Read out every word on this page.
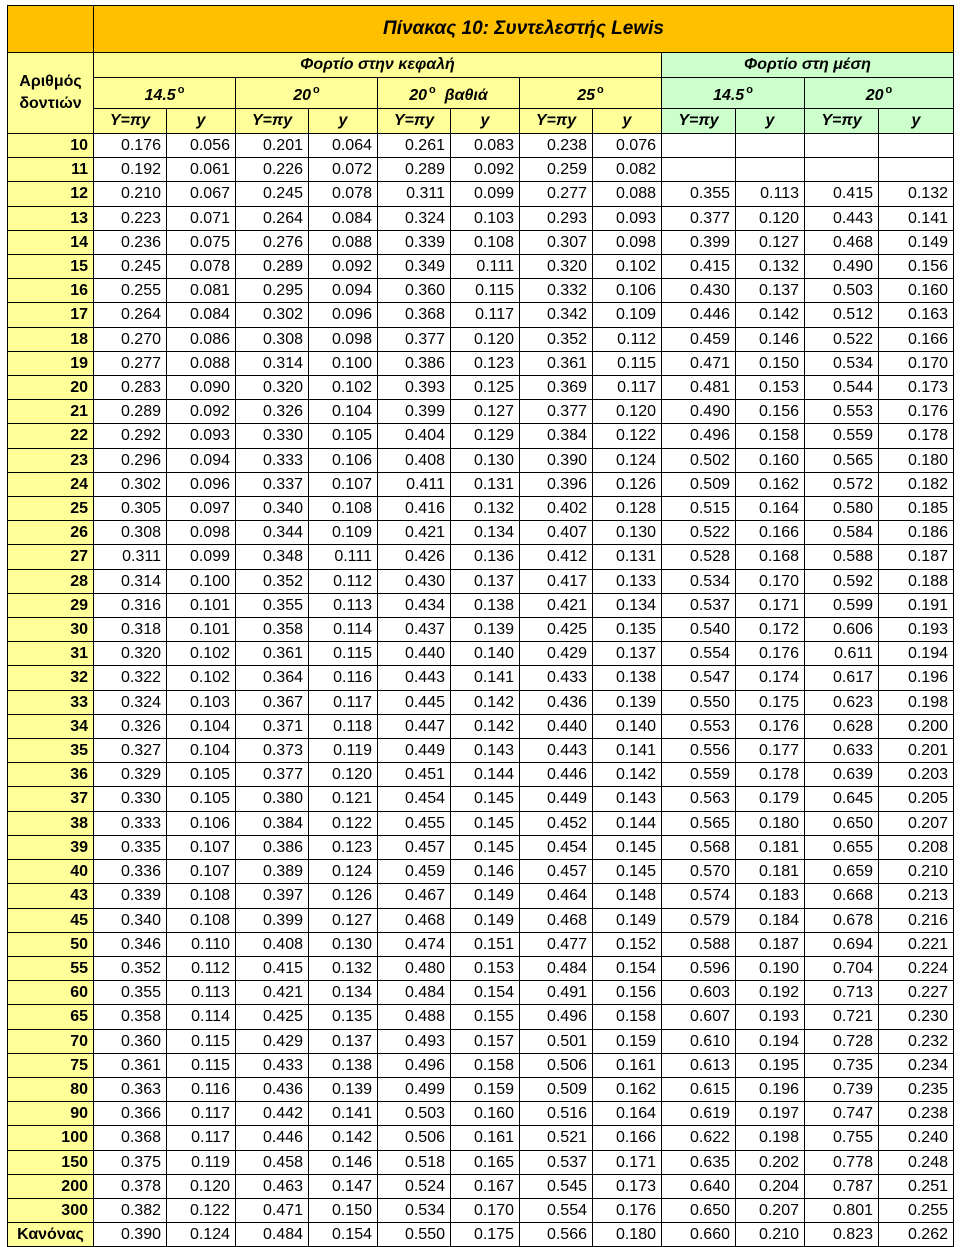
	Πίνακας 10: Συντελεστής Lewis											
Αριθμός
δοντιών	Φορτίο στην κεφαλή								Φορτίο στη μέση			
	14.5 $^o$		20 $^o$		20 $^o$ βαθιά		25 $^o$		14.5 $^o$		20 $^o$
	Y=πy	y	Y=πy	y	Y=πy	y	Y=πy	y	Y=πy	y	Y=πy	y
10	0.176	0.056	0.201	0.064	0.261	0.083	0.238	0.076				
11	0.192	0.061	0.226	0.072	0.289	0.092	0.259	0.082				
12	0.210	0.067	0.245	0.078	0.311	0.099	0.277	0.088	0.355	0.113	0.415	0.132
13	0.223	0.071	0.264	0.084	0.324	0.103	0.293	0.093	0.377	0.120	0.443	0.141
14	0.236	0.075	0.276	0.088	0.339	0.108	0.307	0.098	0.399	0.127	0.468	0.149
15	0.245	0.078	0.289	0.092	0.349	0.111	0.320	0.102	0.415	0.132	0.490	0.156
16	0.255	0.081	0.295	0.094	0.360	0.115	0.332	0.106	0.430	0.137	0.503	0.160
17	0.264	0.084	0.302	0.096	0.368	0.117	0.342	0.109	0.446	0.142	0.512	0.163
18	0.270	0.086	0.308	0.098	0.377	0.120	0.352	0.112	0.459	0.146	0.522	0.166
19	0.277	0.088	0.314	0.100	0.386	0.123	0.361	0.115	0.471	0.150	0.534	0.170
20	0.283	0.090	0.320	0.102	0.393	0.125	0.369	0.117	0.481	0.153	0.544	0.173
21	0.289	0.092	0.326	0.104	0.399	0.127	0.377	0.120	0.490	0.156	0.553	0.176
22	0.292	0.093	0.330	0.105	0.404	0.129	0.384	0.122	0.496	0.158	0.559	0.178
23	0.296	0.094	0.333	0.106	0.408	0.130	0.390	0.124	0.502	0.160	0.565	0.180
24	0.302	0.096	0.337	0.107	0.411	0.131	0.396	0.126	0.509	0.162	0.572	0.182
25	0.305	0.097	0.340	0.108	0.416	0.132	0.402	0.128	0.515	0.164	0.580	0.185
26	0.308	0.098	0.344	0.109	0.421	0.134	0.407	0.130	0.522	0.166	0.584	0.186
27	0.311	0.099	0.348	0.111	0.426	0.136	0.412	0.131	0.528	0.168	0.588	0.187
28	0.314	0.100	0.352	0.112	0.430	0.137	0.417	0.133	0.534	0.170	0.592	0.188
29	0.316	0.101	0.355	0.113	0.434	0.138	0.421	0.134	0.537	0.171	0.599	0.191
30	0.318	0.101	0.358	0.114	0.437	0.139	0.425	0.135	0.540	0.172	0.606	0.193
31	0.320	0.102	0.361	0.115	0.440	0.140	0.429	0.137	0.554	0.176	0.611	0.194
32	0.322	0.102	0.364	0.116	0.443	0.141	0.433	0.138	0.547	0.174	0.617	0.196
33	0.324	0.103	0.367	0.117	0.445	0.142	0.436	0.139	0.550	0.175	0.623	0.198
34	0.326	0.104	0.371	0.118	0.447	0.142	0.440	0.140	0.553	0.176	0.628	0.200
35	0.327	0.104	0.373	0.119	0.449	0.143	0.443	0.141	0.556	0.177	0.633	0.201
36	0.329	0.105	0.377	0.120	0.451	0.144	0.446	0.142	0.559	0.178	0.639	0.203
37	0.330	0.105	0.380	0.121	0.454	0.145	0.449	0.143	0.563	0.179	0.645	0.205
38	0.333	0.106	0.384	0.122	0.455	0.145	0.452	0.144	0.565	0.180	0.650	0.207
39	0.335	0.107	0.386	0.123	0.457	0.145	0.454	0.145	0.568	0.181	0.655	0.208
40	0.336	0.107	0.389	0.124	0.459	0.146	0.457	0.145	0.570	0.181	0.659	0.210
43	0.339	0.108	0.397	0.126	0.467	0.149	0.464	0.148	0.574	0.183	0.668	0.213
45	0.340	0.108	0.399	0.127	0.468	0.149	0.468	0.149	0.579	0.184	0.678	0.216
50	0.346	0.110	0.408	0.130	0.474	0.151	0.477	0.152	0.588	0.187	0.694	0.221
55	0.352	0.112	0.415	0.132	0.480	0.153	0.484	0.154	0.596	0.190	0.704	0.224
60	0.355	0.113	0.421	0.134	0.484	0.154	0.491	0.156	0.603	0.192	0.713	0.227
65	0.358	0.114	0.425	0.135	0.488	0.155	0.496	0.158	0.607	0.193	0.721	0.230
70	0.360	0.115	0.429	0.137	0.493	0.157	0.501	0.159	0.610	0.194	0.728	0.232
75	0.361	0.115	0.433	0.138	0.496	0.158	0.506	0.161	0.613	0.195	0.735	0.234
80	0.363	0.116	0.436	0.139	0.499	0.159	0.509	0.162	0.615	0.196	0.739	0.235
90	0.366	0.117	0.442	0.141	0.503	0.160	0.516	0.164	0.619	0.197	0.747	0.238
100	0.368	0.117	0.446	0.142	0.506	0.161	0.521	0.166	0.622	0.198	0.755	0.240
150	0.375	0.119	0.458	0.146	0.518	0.165	0.537	0.171	0.635	0.202	0.778	0.248
200	0.378	0.120	0.463	0.147	0.524	0.167	0.545	0.173	0.640	0.204	0.787	0.251
300	0.382	0.122	0.471	0.150	0.534	0.170	0.554	0.176	0.650	0.207	0.801	0.255
Κανόνας	0.390	0.124	0.484	0.154	0.550	0.175	0.566	0.180	0.660	0.210	0.823	0.262
